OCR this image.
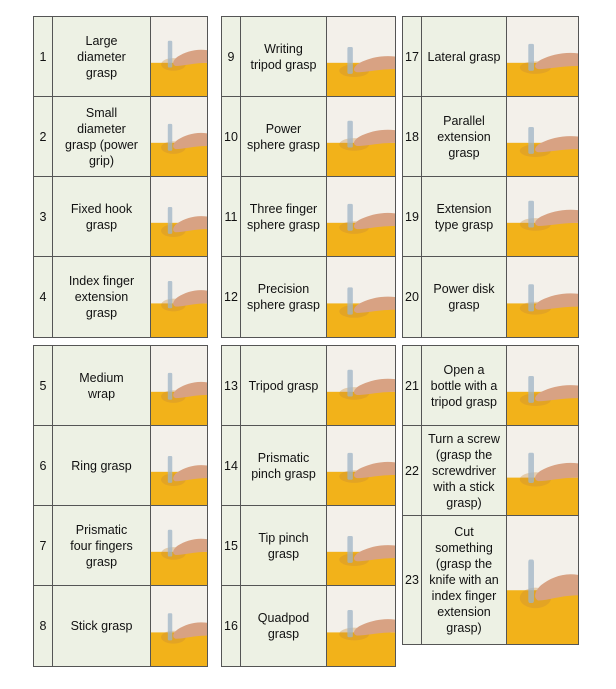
1
Large
diameter
grasp
2
Small
diameter
grasp (power
grip)
3
Fixed hook
grasp
4
Index finger
extension
grasp
5
Medium
wrap
6	Ring grasp
7
Prismatic
four fingers
grasp
8	Stick grasp
9
Writing
tripod grasp
10
Power
sphere grasp
11
Three finger
sphere grasp
12
Precision
sphere grasp
13 Tripod grasp
14
Prismatic
pinch grasp
15
Tip pinch
grasp
16
Quadpod
grasp
17 Lateral grasp
18
Parallel
extension
grasp
19
Extension
type grasp
20
Power disk
grasp
21
Open a
bottle with a
tripod grasp
22
Turn a screw
(grasp the
screwdriver
with a stick
grasp)
23
Cut
something
(grasp the
knife with an
index finger
extension
grasp)
